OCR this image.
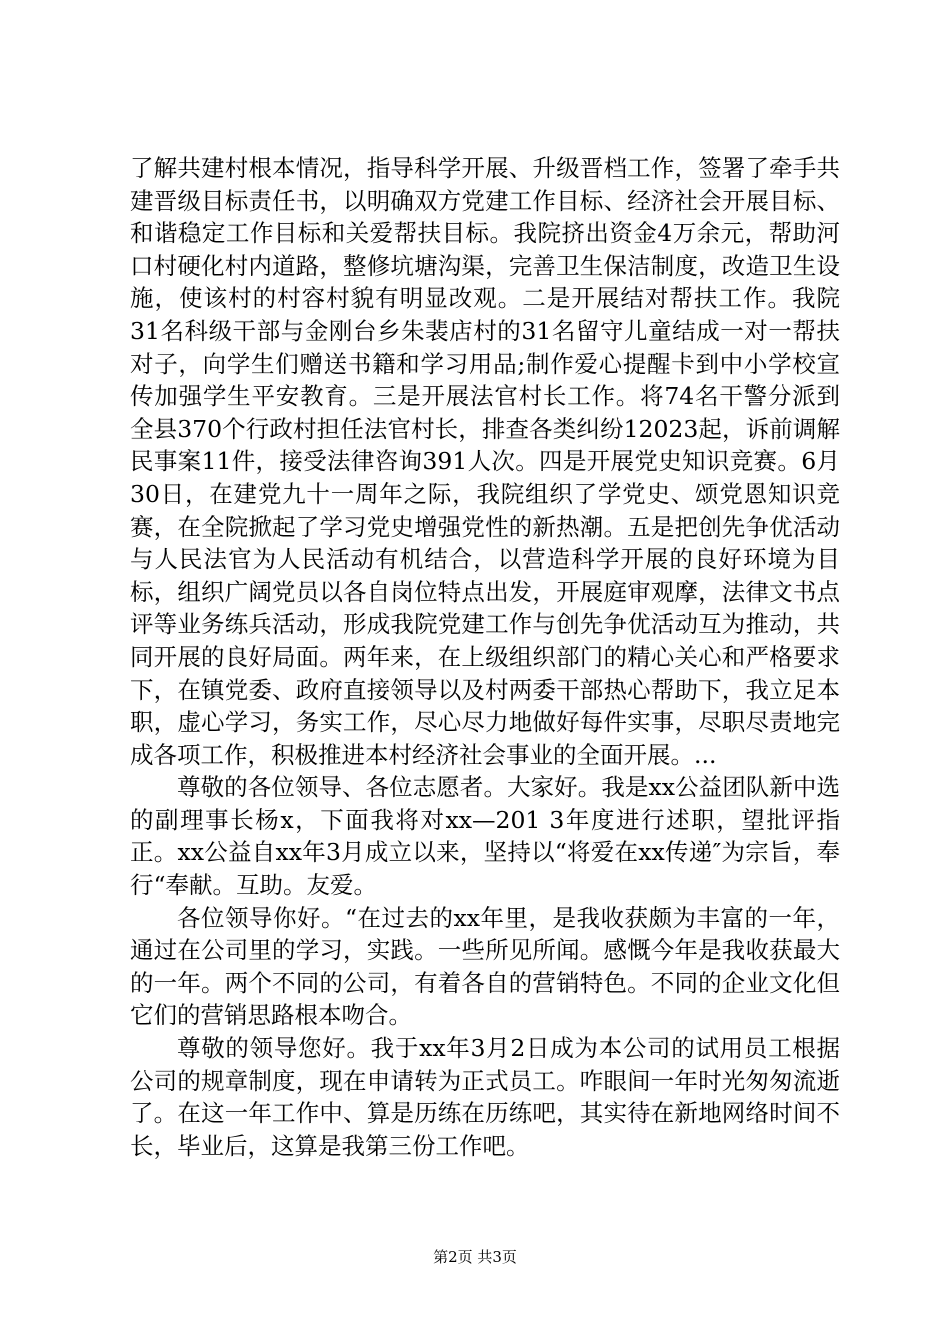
了解共建村根本情况，指导科学开展、升级晋档工作，签署了牵手共建晋级目标责任书，以明确双方党建工作目标、经济社会开展目标、和谐稳定工作目标和关爱帮扶目标。我院挤出资金4万余元，帮助河口村硬化村内道路，整修坑塘沟渠，完善卫生保洁制度，改造卫生设施，使该村的村容村貌有明显改观。二是开展结对帮扶工作。我院31名科级干部与金刚台乡朱裴店村的31名留守儿童结成一对一帮扶对子，向学生们赠送书籍和学习用品;制作爱心提醒卡到中小学校宣传加强学生平安教育。三是开展法官村长工作。将74名干警分派到全县370个行政村担任法官村长，排查各类纠纷12023起，诉前调解民事案11件，接受法律咨询391人次。四是开展党史知识竞赛。6月30日，在建党九十一周年之际，我院组织了学党史、颂党恩知识竞赛，在全院掀起了学习党史增强党性的新热潮。五是把创先争优活动与人民法官为人民活动有机结合，以营造科学开展的良好环境为目标，组织广阔党员以各自岗位特点出发，开展庭审观摩，法律文书点评等业务练兵活动，形成我院党建工作与创先争优活动互为推动，共同开展的良好局面。两年来，在上级组织部门的精心关心和严格要求下，在镇党委、政府直接领导以及村两委干部热心帮助下，我立足本职，虚心学习，务实工作，尽心尽力地做好每件实事，尽职尽责地完成各项工作，积极推进本村经济社会事业的全面开展。...

尊敬的各位领导、各位志愿者。大家好。我是xx公益团队新中选的副理事长杨x，下面我将对xx—201 3年度进行述职，望批评指正。xx公益自xx年3月成立以来，坚持以“将爱在xx传递″为宗旨，奉行“奉献。互助。友爱。

各位领导你好。“在过去的xx年里，是我收获颇为丰富的一年，通过在公司里的学习，实践。一些所见所闻。感慨今年是我收获最大的一年。两个不同的公司，有着各自的营销特色。不同的企业文化但它们的营销思路根本吻合。

尊敬的领导您好。我于xx年3月2日成为本公司的试用员工根据公司的规章制度，现在申请转为正式员工。咋眼间一年时光匆匆流逝了。在这一年工作中、算是历练在历练吧，其实待在新地网络时间不长，毕业后，这算是我第三份工作吧。

第2页 共3页
